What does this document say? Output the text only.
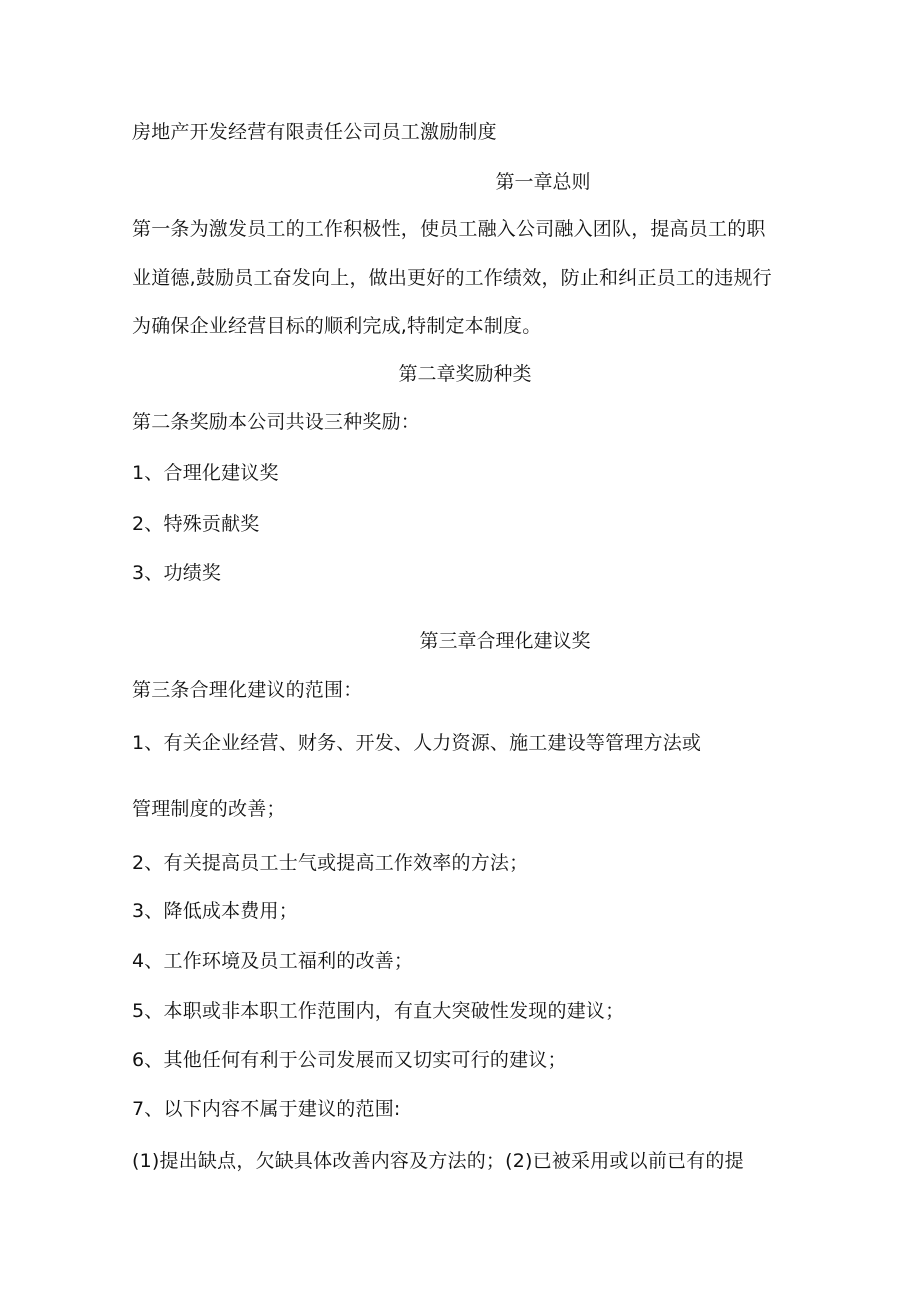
房地产开发经营有限责任公司员工激励制度
第一章总则
第一条为激发员工的工作积极性，使员工融入公司融入团队，提高员工的职
业道德,鼓励员工奋发向上，做出更好的工作绩效，防止和纠正员工的违规行
为确保企业经营目标的顺利完成,特制定本制度。
第二章奖励种类
第二条奖励本公司共设三种奖励：
1、合理化建议奖
2、特殊贡献奖
3、功绩奖
第三章合理化建议奖
第三条合理化建议的范围：
1、有关企业经营、财务、开发、人力资源、施工建设等管理方法或
管理制度的改善；
2、有关提高员工士气或提高工作效率的方法；
3、降低成本费用；
4、工作环境及员工福利的改善；
5、本职或非本职工作范围内，有直大突破性发现的建议；
6、其他任何有利于公司发展而又切实可行的建议；
7、以下内容不属于建议的范围:
(1)提出缺点，欠缺具体改善内容及方法的；(2)已被采用或以前已有的提
